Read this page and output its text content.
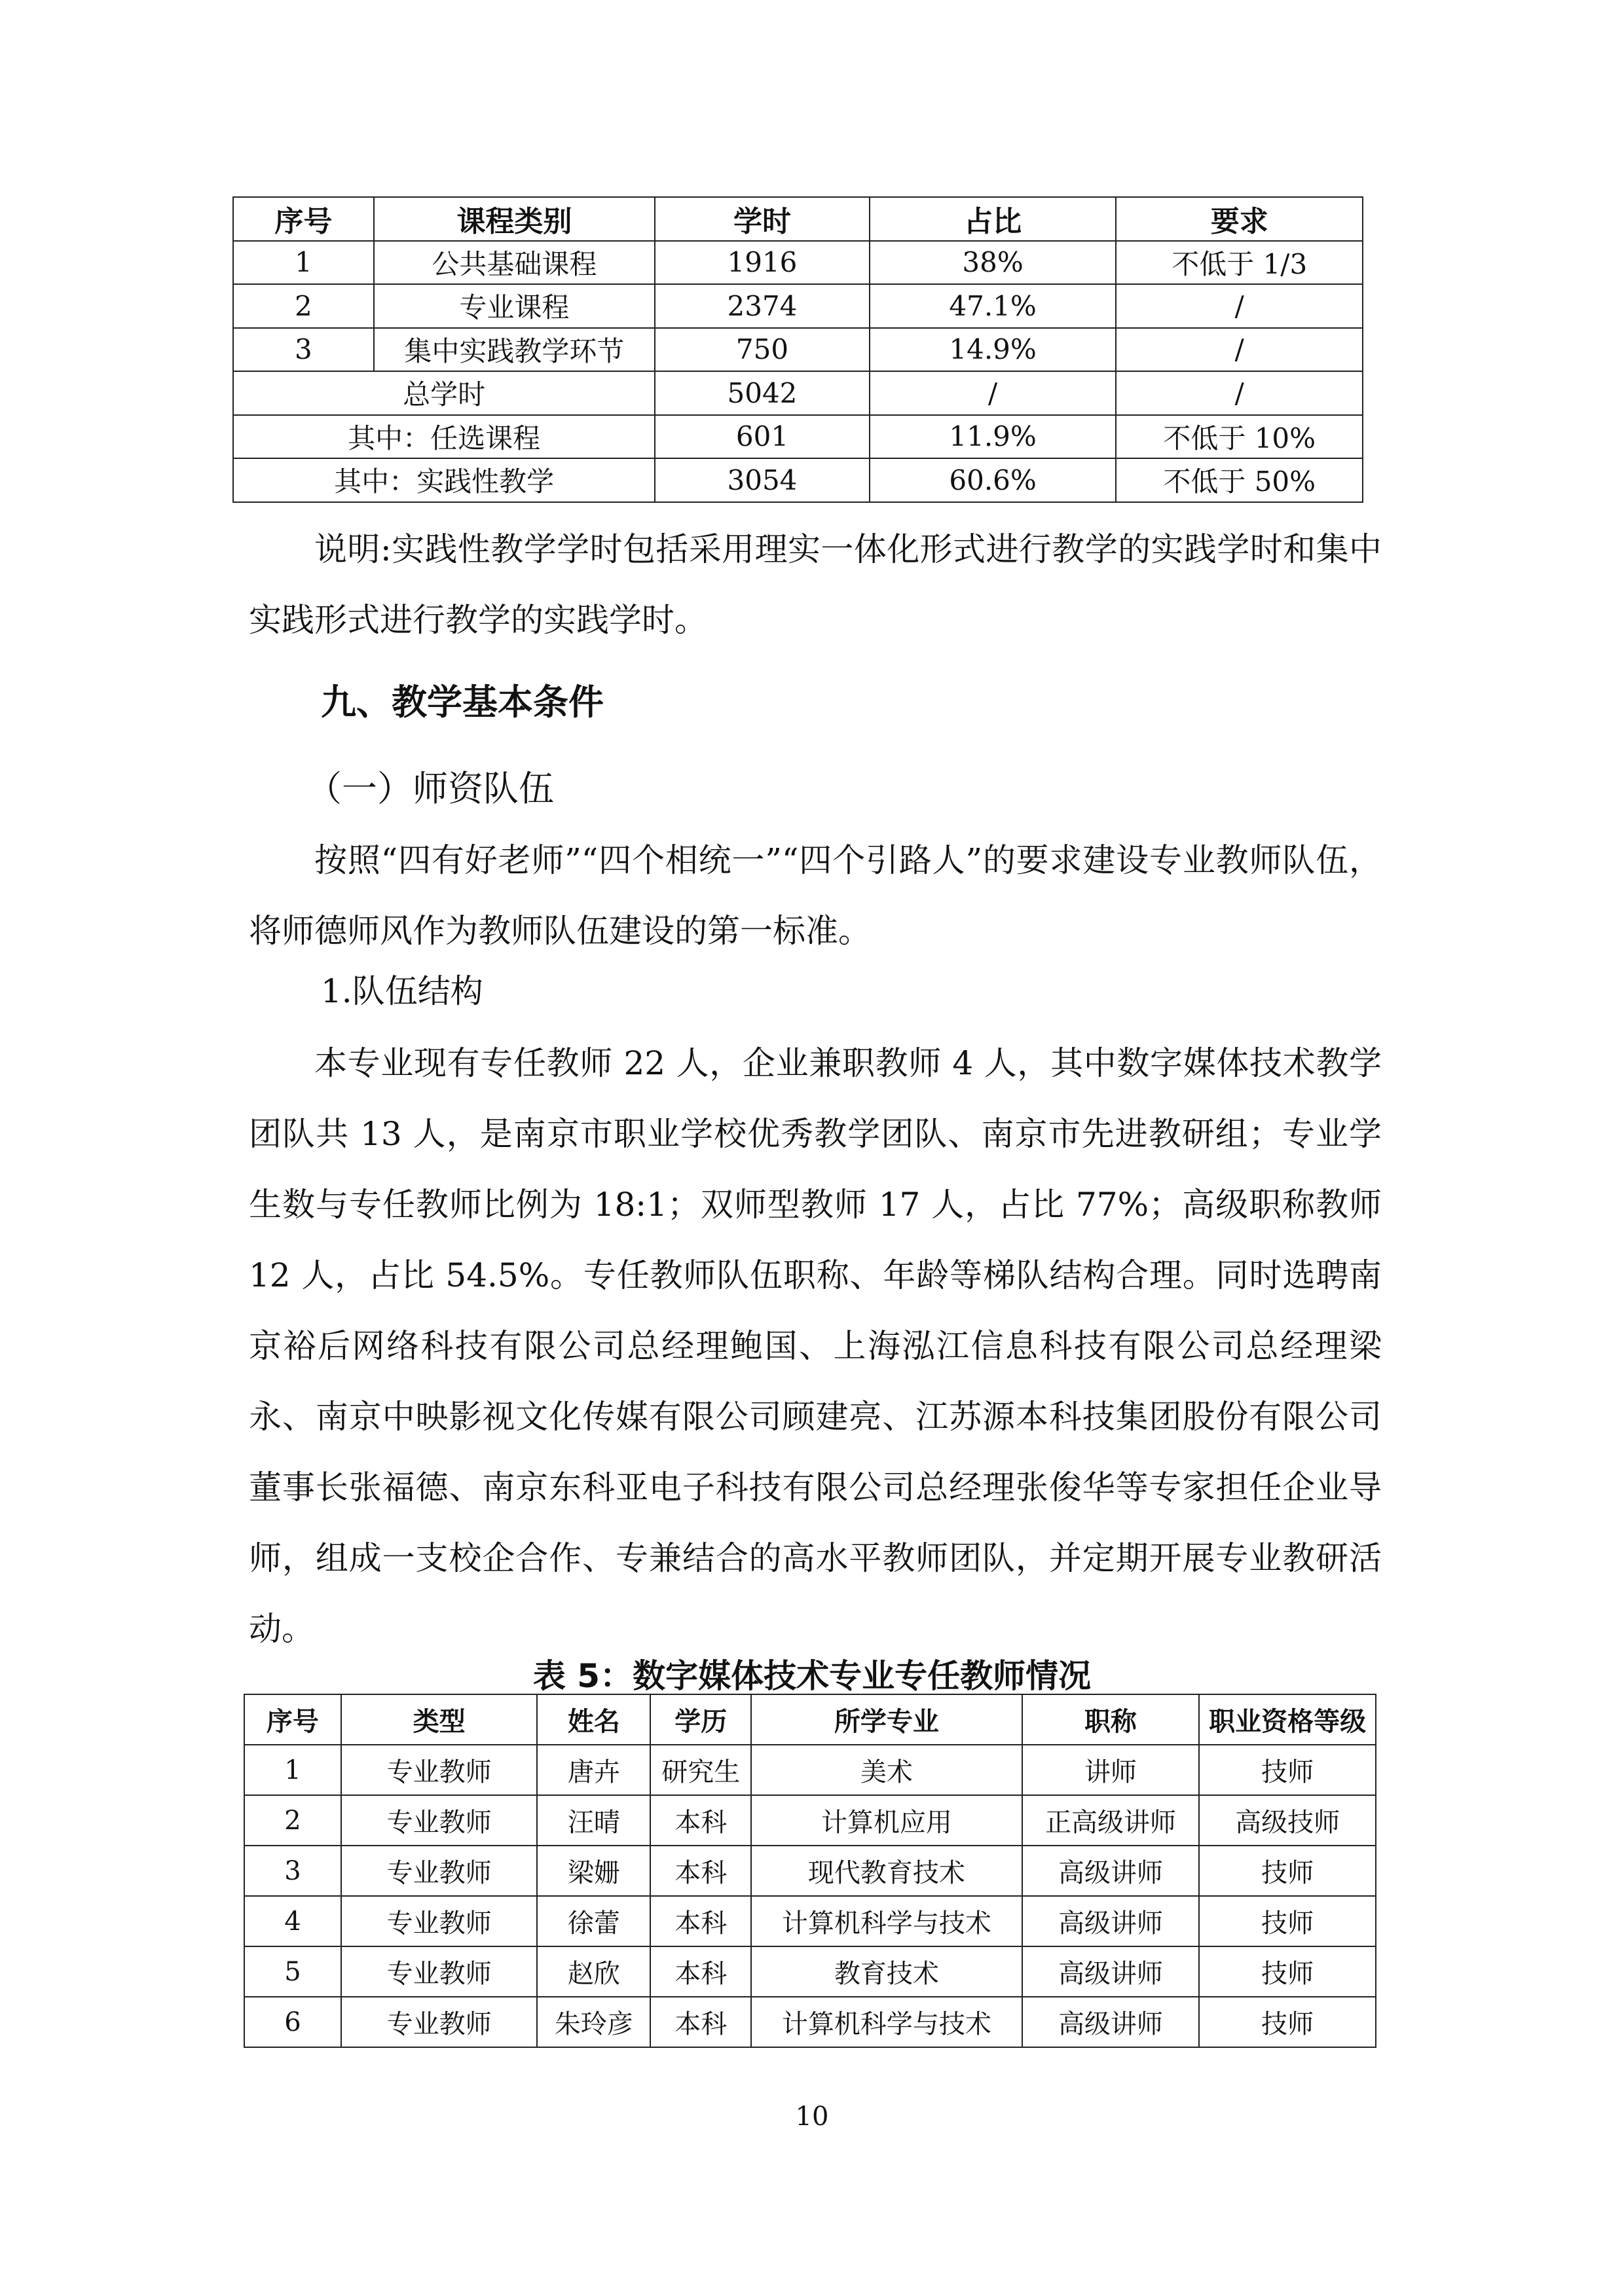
序号	课程类别	学时	占比	要求
1	公共基础课程	1916	38%	不低于 1/3
2	专业课程	2374	47.1%	/
3	集中实践教学环节	750	14.9%	/
总学时		5042	/	/
其中：任选课程		601	11.9%	不低于 10%
其中：实践性教学		3054	60.6%	不低于 50%
说明:实践性教学学时包括采用理实一体化形式进行教学的实践学时和集中实践形式进行教学的实践学时。
九、教学基本条件
（一）师资队伍
按照“四有好老师”“四个相统一”“四个引路人”的要求建设专业教师队伍，将师德师风作为教师队伍建设的第一标准。
1.队伍结构
本专业现有专任教师 22 人，企业兼职教师 4 人，其中数字媒体技术教学团队共 13 人，是南京市职业学校优秀教学团队、南京市先进教研组；专业学生数与专任教师比例为 18:1；双师型教师 17 人，占比 77%；高级职称教师 12 人，占比 54.5%。专任教师队伍职称、年龄等梯队结构合理。同时选聘南京裕后网络科技有限公司总经理鲍国、上海泓江信息科技有限公司总经理梁永、南京中映影视文化传媒有限公司顾建亮、江苏源本科技集团股份有限公司董事长张福德、南京东科亚电子科技有限公司总经理张俊华等专家担任企业导师，组成一支校企合作、专兼结合的高水平教师团队，并定期开展专业教研活动。
表 5：数字媒体技术专业专任教师情况
序号	类型	姓名	学历	所学专业	职称	职业资格等级
1	专业教师	唐卉	研究生	美术	讲师	技师
2	专业教师	汪晴	本科	计算机应用	正高级讲师	高级技师
3	专业教师	梁姗	本科	现代教育技术	高级讲师	技师
4	专业教师	徐蕾	本科	计算机科学与技术	高级讲师	技师
5	专业教师	赵欣	本科	教育技术	高级讲师	技师
6	专业教师	朱玲彦	本科	计算机科学与技术	高级讲师	技师
10
